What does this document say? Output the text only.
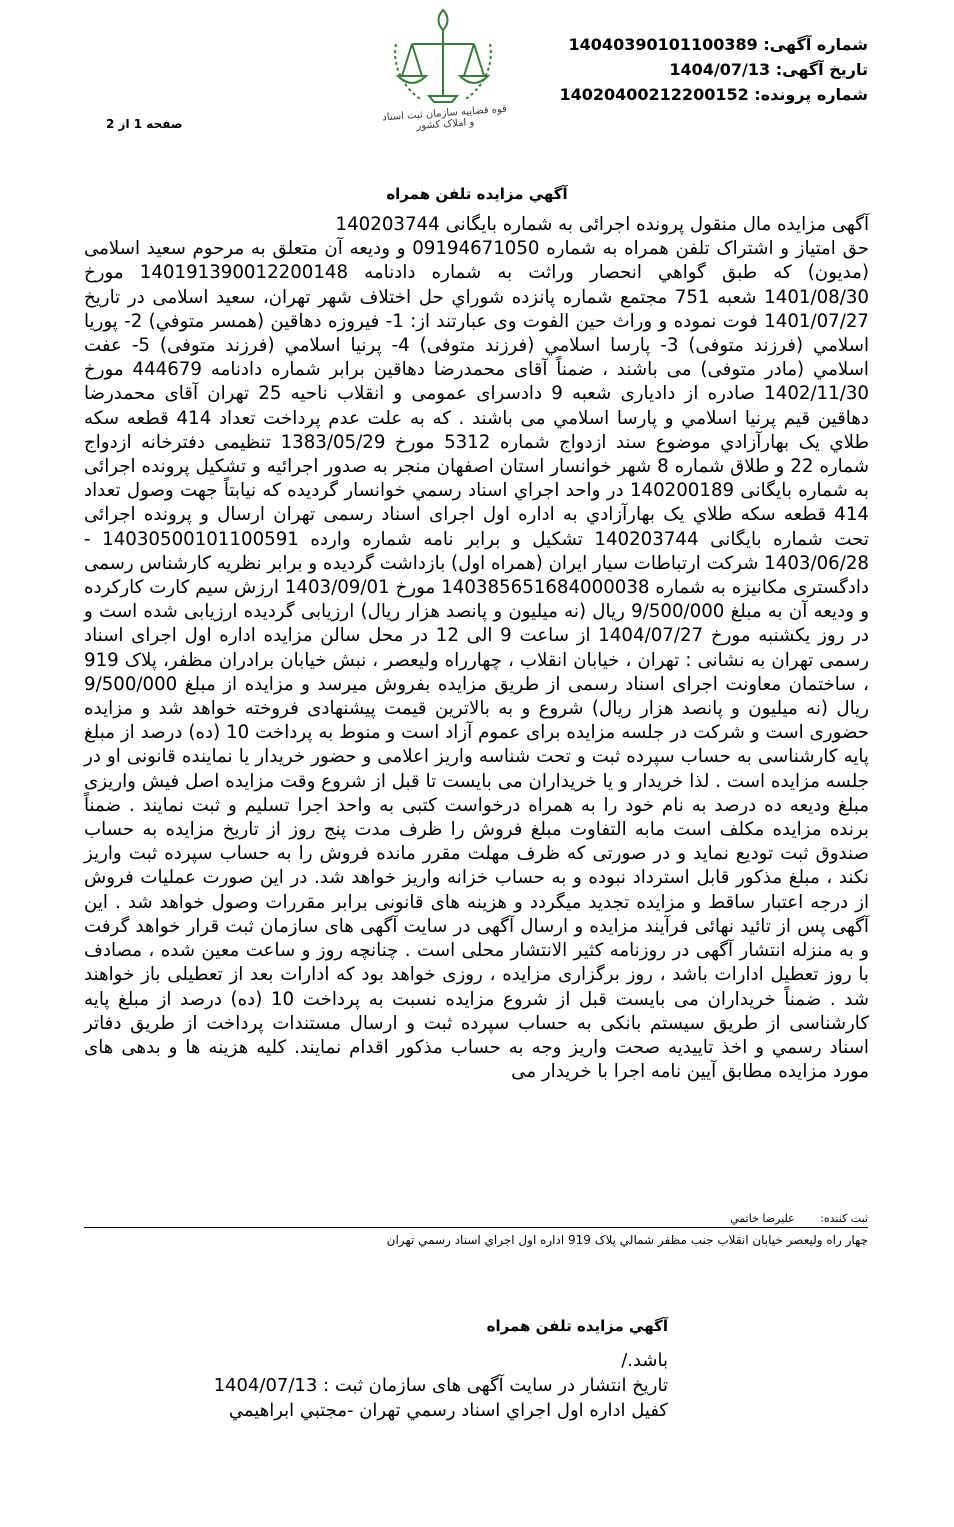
شماره آگهی: 14040390101100389
تاریخ آگهی: 1404/07/13
شماره پرونده: 14020400212200152
قوه قضاییه سازمان ثبت اسناد و املاک کشور
صفحه 1 از 2
آگهي مزايده تلفن همراه

آگهی مزایده مال منقول پرونده اجرائی به شماره بایگانی 140203744

حق امتیاز و اشتراک تلفن همراه به شماره 09194671050 و ودیعه آن متعلق به مرحوم سعید اسلامی (مدیون) که طبق گواهي انحصار وراثت به شماره دادنامه 140191390012200148 مورخ 1401/08/30 شعبه 751 مجتمع شماره پانزده شوراي حل اختلاف شهر تهران، سعید اسلامی در تاریخ 1401/07/27 فوت نموده و وراث حین الفوت وی عبارتند از: 1- فیروزه دهاقین (همسر متوفي) 2- پوریا اسلامي (فرزند متوفی) 3- پارسا اسلامي (فرزند متوفی) 4- پرنیا اسلامي (فرزند متوفی) 5- عفت اسلامي (مادر متوفی) می باشند ، ضمناً آقای محمدرضا دهاقین برابر شماره دادنامه 444679 مورخ 1402/11/30 صادره از دادیاری شعبه 9 دادسرای عمومی و انقلاب ناحیه 25 تهران آقای محمدرضا دهاقین قیم پرنیا اسلامي و پارسا اسلامي می باشند . که به علت عدم پرداخت تعداد 414 قطعه سکه طلاي یک بهارآزادي موضوع سند ازدواج شماره 5312 مورخ 1383/05/29 تنظیمی دفترخانه ازدواج شماره 22 و طلاق شماره 8 شهر خوانسار استان اصفهان منجر به صدور اجرائیه و تشکیل پرونده اجرائی به شماره بایگانی 140200189 در واحد اجراي اسناد رسمي خوانسار گردیده که نیابتاً جهت وصول تعداد 414 قطعه سکه طلاي یک بهارآزادي به اداره اول اجرای اسناد رسمی تهران ارسال و پرونده اجرائی تحت شماره بایگانی 140203744 تشکیل و برابر نامه شماره وارده 14030500101100591 - 1403/06/28 شرکت ارتباطات سیار ایران (همراه اول) بازداشت گردیده و برابر نظریه کارشناس رسمی دادگستری مکانیزه به شماره 140385651684000038 مورخ 1403/09/01 ارزش سیم کارت کارکرده و ودیعه آن به مبلغ 9/500/000 ریال (نه میلیون و پانصد هزار ریال) ارزیابی گردیده ارزیابی شده است و در روز یکشنبه مورخ 1404/07/27 از ساعت 9 الی 12 در محل سالن مزایده اداره اول اجرای اسناد رسمی تهران به نشانی : تهران ، خیابان انقلاب ، چهارراه ولیعصر ، نبش خیابان برادران مظفر، پلاک 919 ، ساختمان معاونت اجرای اسناد رسمی از طریق مزایده بفروش میرسد و مزایده از مبلغ 9/500/000 ریال (نه میلیون و پانصد هزار ریال) شروع و به بالاترین قیمت پیشنهادی فروخته خواهد شد و مزایده حضوری است و شرکت در جلسه مزایده برای عموم آزاد است و منوط به پرداخت 10 (ده) درصد از مبلغ پایه کارشناسی به حساب سپرده ثبت و تحت شناسه واریز اعلامی و حضور خریدار یا نماینده قانونی او در جلسه مزایده است . لذا خریدار و یا خریداران می بایست تا قبل از شروع وقت مزایده اصل فیش واریزی مبلغ ودیعه ده درصد به نام خود را به همراه درخواست کتبی به واحد اجرا تسلیم و ثبت نمایند . ضمناً برنده مزایده مکلف است مابه التفاوت مبلغ فروش را ظرف مدت پنج روز از تاریخ مزایده به حساب صندوق ثبت تودیع نماید و در صورتی که ظرف مهلت مقرر مانده فروش را به حساب سپرده ثبت واریز نکند ، مبلغ مذکور قابل استرداد نبوده و به حساب خزانه واریز خواهد شد. در این صورت عملیات فروش از درجه اعتبار ساقط و مزایده تجدید میگردد و هزینه های قانونی برابر مقررات وصول خواهد شد . این آگهی پس از تائید نهائی فرآیند مزایده و ارسال آگهی در سایت آگهی های سازمان ثبت قرار خواهد گرفت و به منزله انتشار آگهی در روزنامه کثیر الانتشار محلی است . چنانچه روز و ساعت معین شده ، مصادف با روز تعطیل ادارات باشد ، روز برگزاری مزایده ، روزی خواهد بود که ادارات بعد از تعطیلی باز خواهند شد . ضمناً خریداران می بایست قبل از شروع مزایده نسبت به پرداخت 10 (ده) درصد از مبلغ پایه کارشناسی از طریق سیستم بانکی به حساب سپرده ثبت و ارسال مستندات پرداخت از طریق دفاتر اسناد رسمي و اخذ تاییدیه صحت واریز وجه به حساب مذکور اقدام نمایند. کلیه هزینه ها و بدهی های مورد مزایده مطابق آیین نامه اجرا با خریدار می

ثبت کننده: علیرضا خاتمي
چهار راه ولیعصر خیابان انقلاب جنب مظفر شمالي پلاک 919 اداره اول اجراي اسناد رسمي تهران
آگهي مزايده تلفن همراه
باشد./
تاریخ انتشار در سایت آگهی های سازمان ثبت : 1404/07/13
کفیل اداره اول اجراي اسناد رسمي تهران -مجتبي ابراهیمي
